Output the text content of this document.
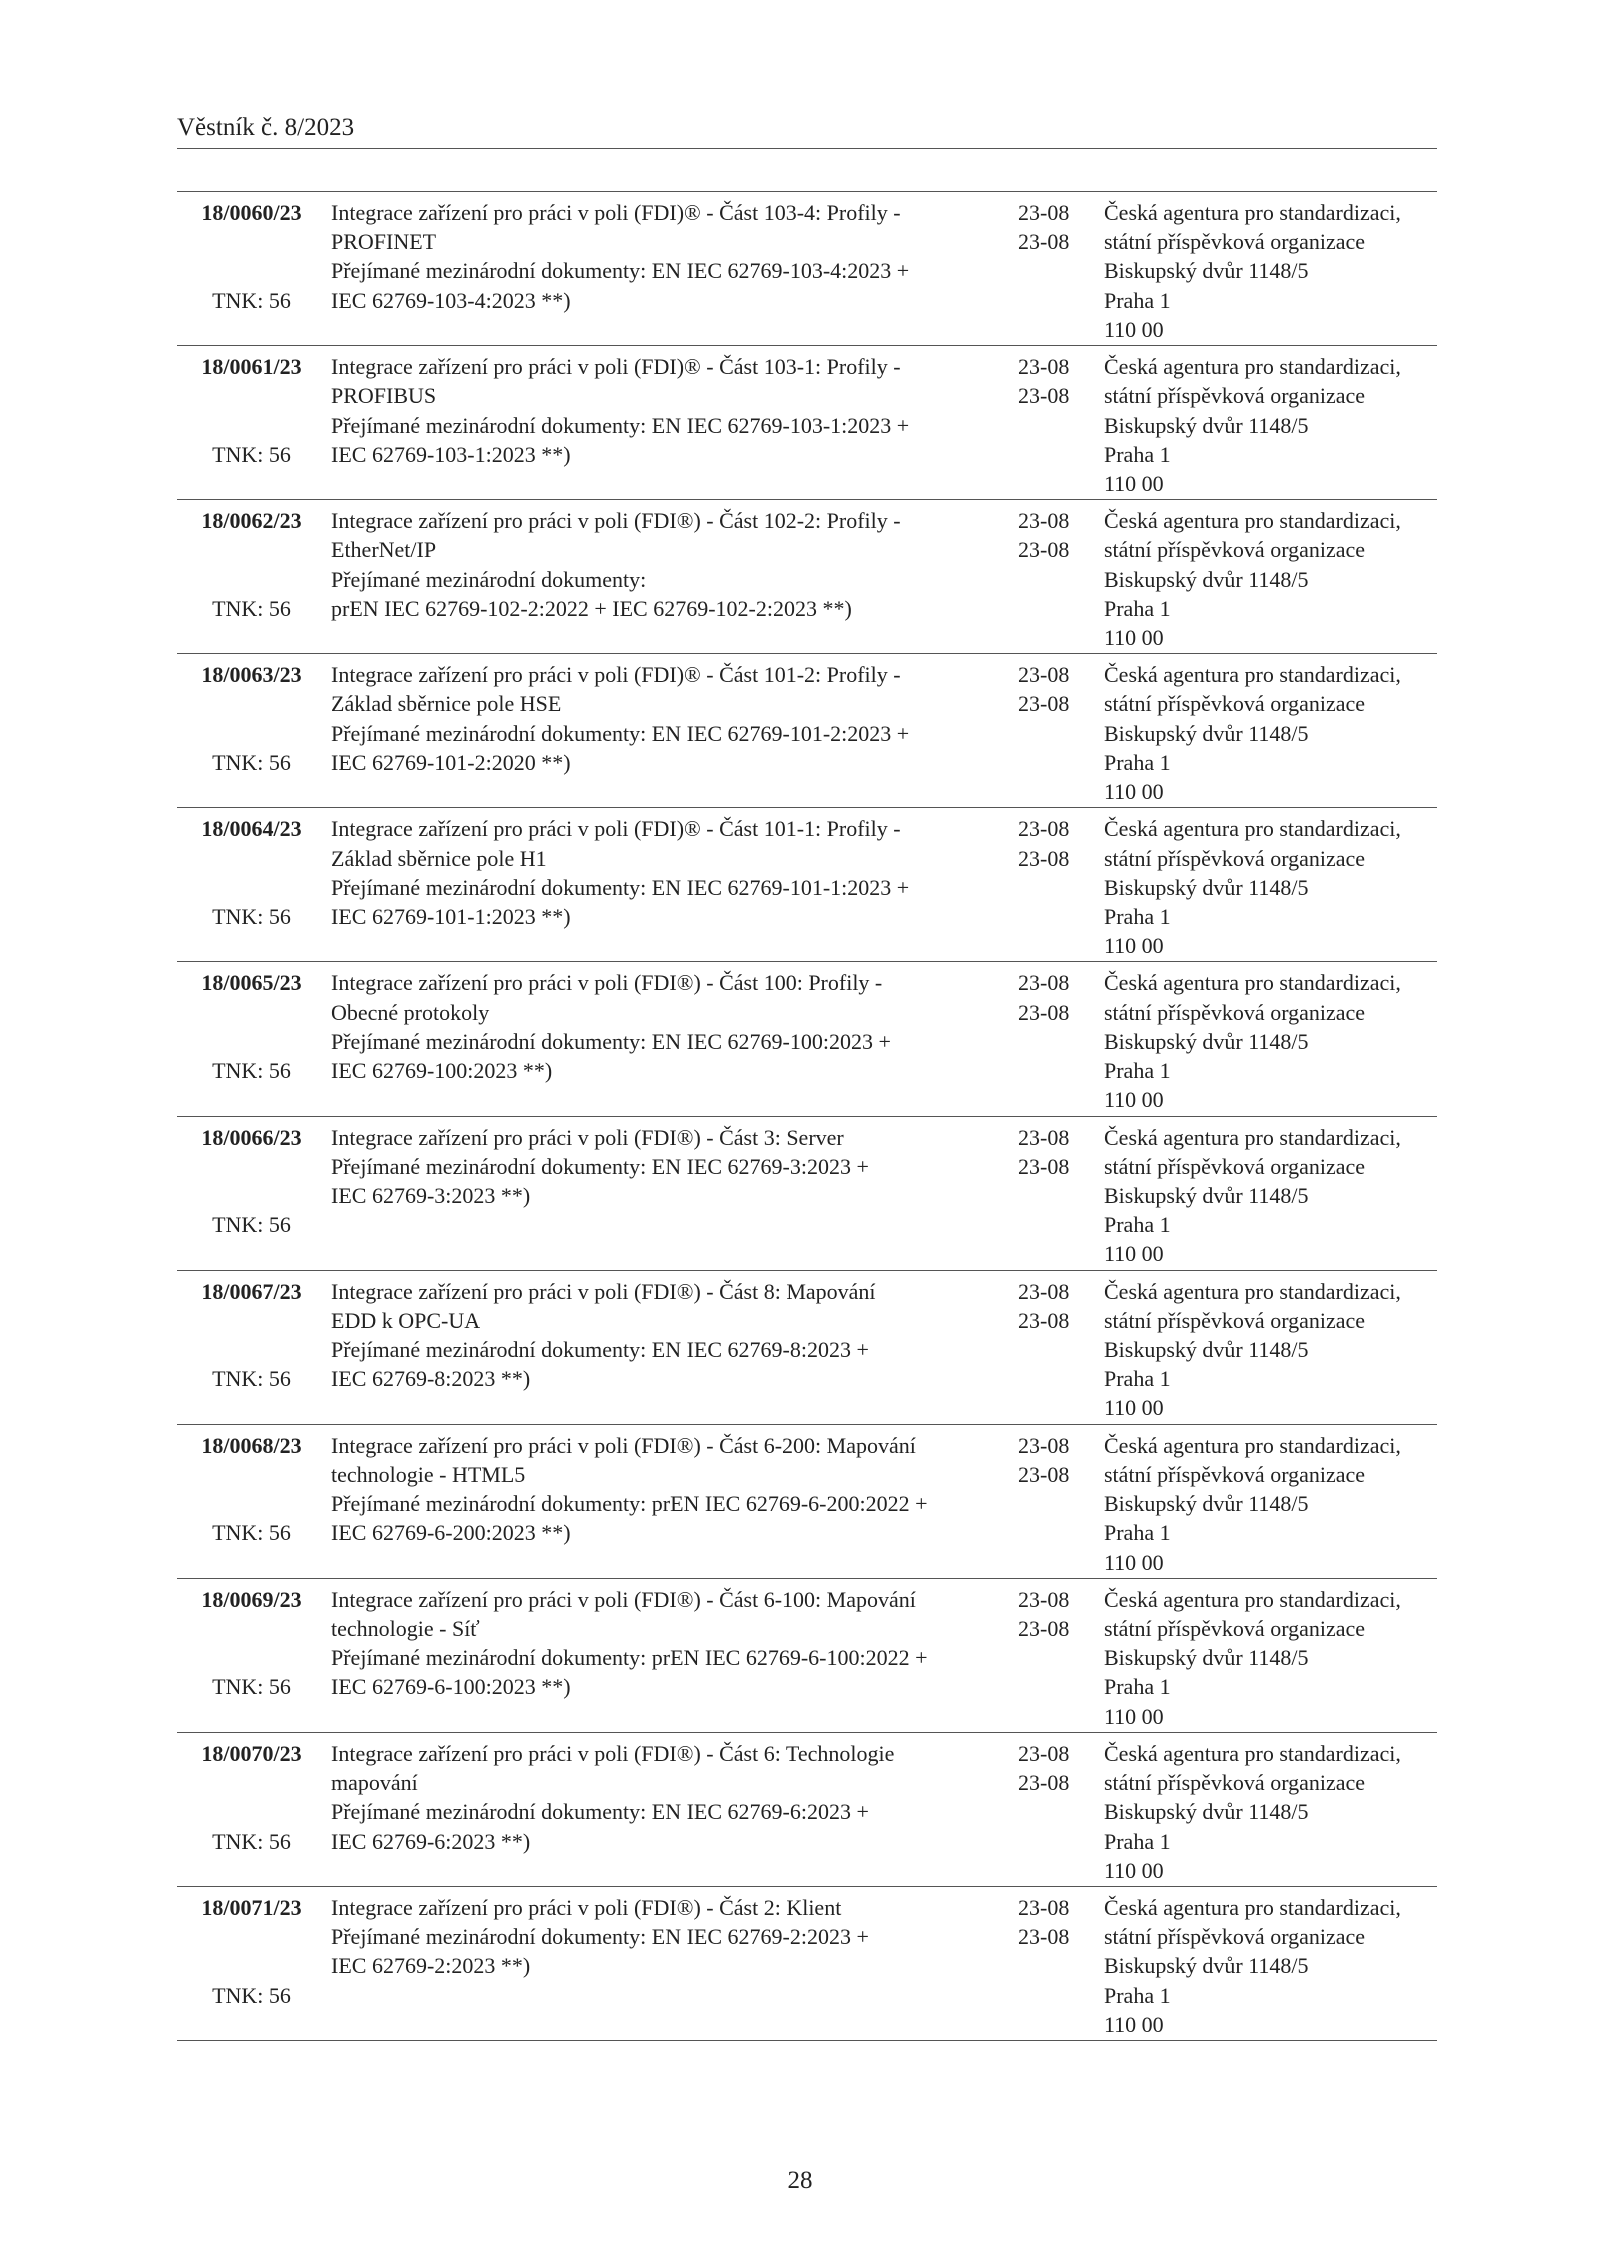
Věstník č. 8/2023
18/0060/23
TNK: 56
Integrace zařízení pro práci v poli (FDI)® - Část 103-4: Profily -
PROFINET
Přejímané mezinárodní dokumenty: EN IEC 62769-103-4:2023 +
IEC 62769-103-4:2023 **)
23-08
23-08
Česká agentura pro standardizaci,
státní příspěvková organizace
Biskupský dvůr 1148/5
Praha 1
110 00
18/0061/23
TNK: 56
Integrace zařízení pro práci v poli (FDI)® - Část 103-1: Profily -
PROFIBUS
Přejímané mezinárodní dokumenty: EN IEC 62769-103-1:2023 +
IEC 62769-103-1:2023 **)
23-08
23-08
Česká agentura pro standardizaci,
státní příspěvková organizace
Biskupský dvůr 1148/5
Praha 1
110 00
18/0062/23
TNK: 56
Integrace zařízení pro práci v poli (FDI®) - Část 102-2: Profily -
EtherNet/IP
Přejímané mezinárodní dokumenty:
prEN IEC 62769-102-2:2022 + IEC 62769-102-2:2023 **)
23-08
23-08
Česká agentura pro standardizaci,
státní příspěvková organizace
Biskupský dvůr 1148/5
Praha 1
110 00
18/0063/23
TNK: 56
Integrace zařízení pro práci v poli (FDI)® - Část 101-2: Profily -
Základ sběrnice pole HSE
Přejímané mezinárodní dokumenty: EN IEC 62769-101-2:2023 +
IEC 62769-101-2:2020 **)
23-08
23-08
Česká agentura pro standardizaci,
státní příspěvková organizace
Biskupský dvůr 1148/5
Praha 1
110 00
18/0064/23
TNK: 56
Integrace zařízení pro práci v poli (FDI)® - Část 101-1: Profily -
Základ sběrnice pole H1
Přejímané mezinárodní dokumenty: EN IEC 62769-101-1:2023 +
IEC 62769-101-1:2023 **)
23-08
23-08
Česká agentura pro standardizaci,
státní příspěvková organizace
Biskupský dvůr 1148/5
Praha 1
110 00
18/0065/23
TNK: 56
Integrace zařízení pro práci v poli (FDI®) - Část 100: Profily -
Obecné protokoly
Přejímané mezinárodní dokumenty: EN IEC 62769-100:2023 +
IEC 62769-100:2023 **)
23-08
23-08
Česká agentura pro standardizaci,
státní příspěvková organizace
Biskupský dvůr 1148/5
Praha 1
110 00
18/0066/23
TNK: 56
Integrace zařízení pro práci v poli (FDI®) - Část 3: Server
Přejímané mezinárodní dokumenty: EN IEC 62769-3:2023 +
IEC 62769-3:2023 **)
23-08
23-08
Česká agentura pro standardizaci,
státní příspěvková organizace
Biskupský dvůr 1148/5
Praha 1
110 00
18/0067/23
TNK: 56
Integrace zařízení pro práci v poli (FDI®) - Část 8: Mapování
EDD k OPC-UA
Přejímané mezinárodní dokumenty: EN IEC 62769-8:2023 +
IEC 62769-8:2023 **)
23-08
23-08
Česká agentura pro standardizaci,
státní příspěvková organizace
Biskupský dvůr 1148/5
Praha 1
110 00
18/0068/23
TNK: 56
Integrace zařízení pro práci v poli (FDI®) - Část 6-200: Mapování
technologie - HTML5
Přejímané mezinárodní dokumenty: prEN IEC 62769-6-200:2022 +
IEC 62769-6-200:2023 **)
23-08
23-08
Česká agentura pro standardizaci,
státní příspěvková organizace
Biskupský dvůr 1148/5
Praha 1
110 00
18/0069/23
TNK: 56
Integrace zařízení pro práci v poli (FDI®) - Část 6-100: Mapování
technologie - Síť
Přejímané mezinárodní dokumenty: prEN IEC 62769-6-100:2022 +
IEC 62769-6-100:2023 **)
23-08
23-08
Česká agentura pro standardizaci,
státní příspěvková organizace
Biskupský dvůr 1148/5
Praha 1
110 00
18/0070/23
TNK: 56
Integrace zařízení pro práci v poli (FDI®) - Část 6: Technologie
mapování
Přejímané mezinárodní dokumenty: EN IEC 62769-6:2023 +
IEC 62769-6:2023 **)
23-08
23-08
Česká agentura pro standardizaci,
státní příspěvková organizace
Biskupský dvůr 1148/5
Praha 1
110 00
18/0071/23
TNK: 56
Integrace zařízení pro práci v poli (FDI®) - Část 2: Klient
Přejímané mezinárodní dokumenty: EN IEC 62769-2:2023 +
IEC 62769-2:2023 **)
23-08
23-08
Česká agentura pro standardizaci,
státní příspěvková organizace
Biskupský dvůr 1148/5
Praha 1
110 00
28
